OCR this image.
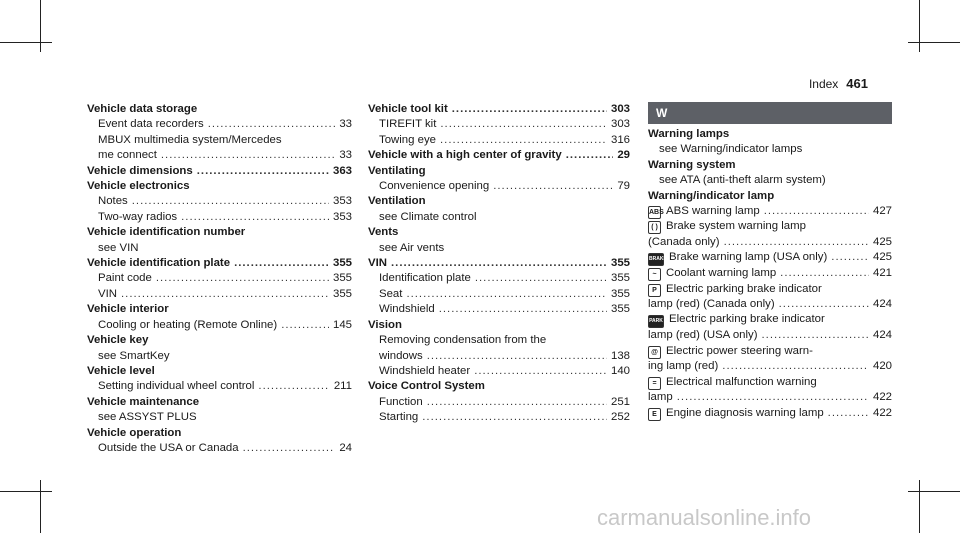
Index 461
Vehicle data storage
Event data recorders .....	33
MBUX multimedia system/Mercedes
me connect .....	33
Vehicle dimensions .....	363
Vehicle electronics
Notes .....	353
Two-way radios .....	353
Vehicle identification number
see VIN
Vehicle identification plate .....	355
Paint code .....	355
VIN .....	355
Vehicle interior
Cooling or heating (Remote Online) .....	145
Vehicle key
see SmartKey
Vehicle level
Setting individual wheel control .....	211
Vehicle maintenance
see ASSYST PLUS
Vehicle operation
Outside the USA or Canada .....	24
Vehicle tool kit .....	303
TIREFIT kit .....	303
Towing eye .....	316
Vehicle with a high center of gravity .....	29
Ventilating
Convenience opening .....	79
Ventilation
see Climate control
Vents
see Air vents
VIN .....	355
Identification plate .....	355
Seat .....	355
Windshield .....	355
Vision
Removing condensation from the
windows .....	138
Windshield heater .....	140
Voice Control System
Function .....	251
Starting .....	252
W
Warning lamps
see Warning/indicator lamps
Warning system
see ATA (anti-theft alarm system)
Warning/indicator lamp
ABS ABS warning lamp .....	427
( ) Brake system warning lamp
(Canada only) .....	425
BRAKE Brake warning lamp (USA only) .....	425
~ Coolant warning lamp .....	421
P Electric parking brake indicator
lamp (red) (Canada only) .....	424
PARK Electric parking brake indicator
lamp (red) (USA only) .....	424
@ Electric power steering warn-
ing lamp (red) .....	420
= Electrical malfunction warning
lamp .....	422
E Engine diagnosis warning lamp .....	422
carmanualsonline.info
